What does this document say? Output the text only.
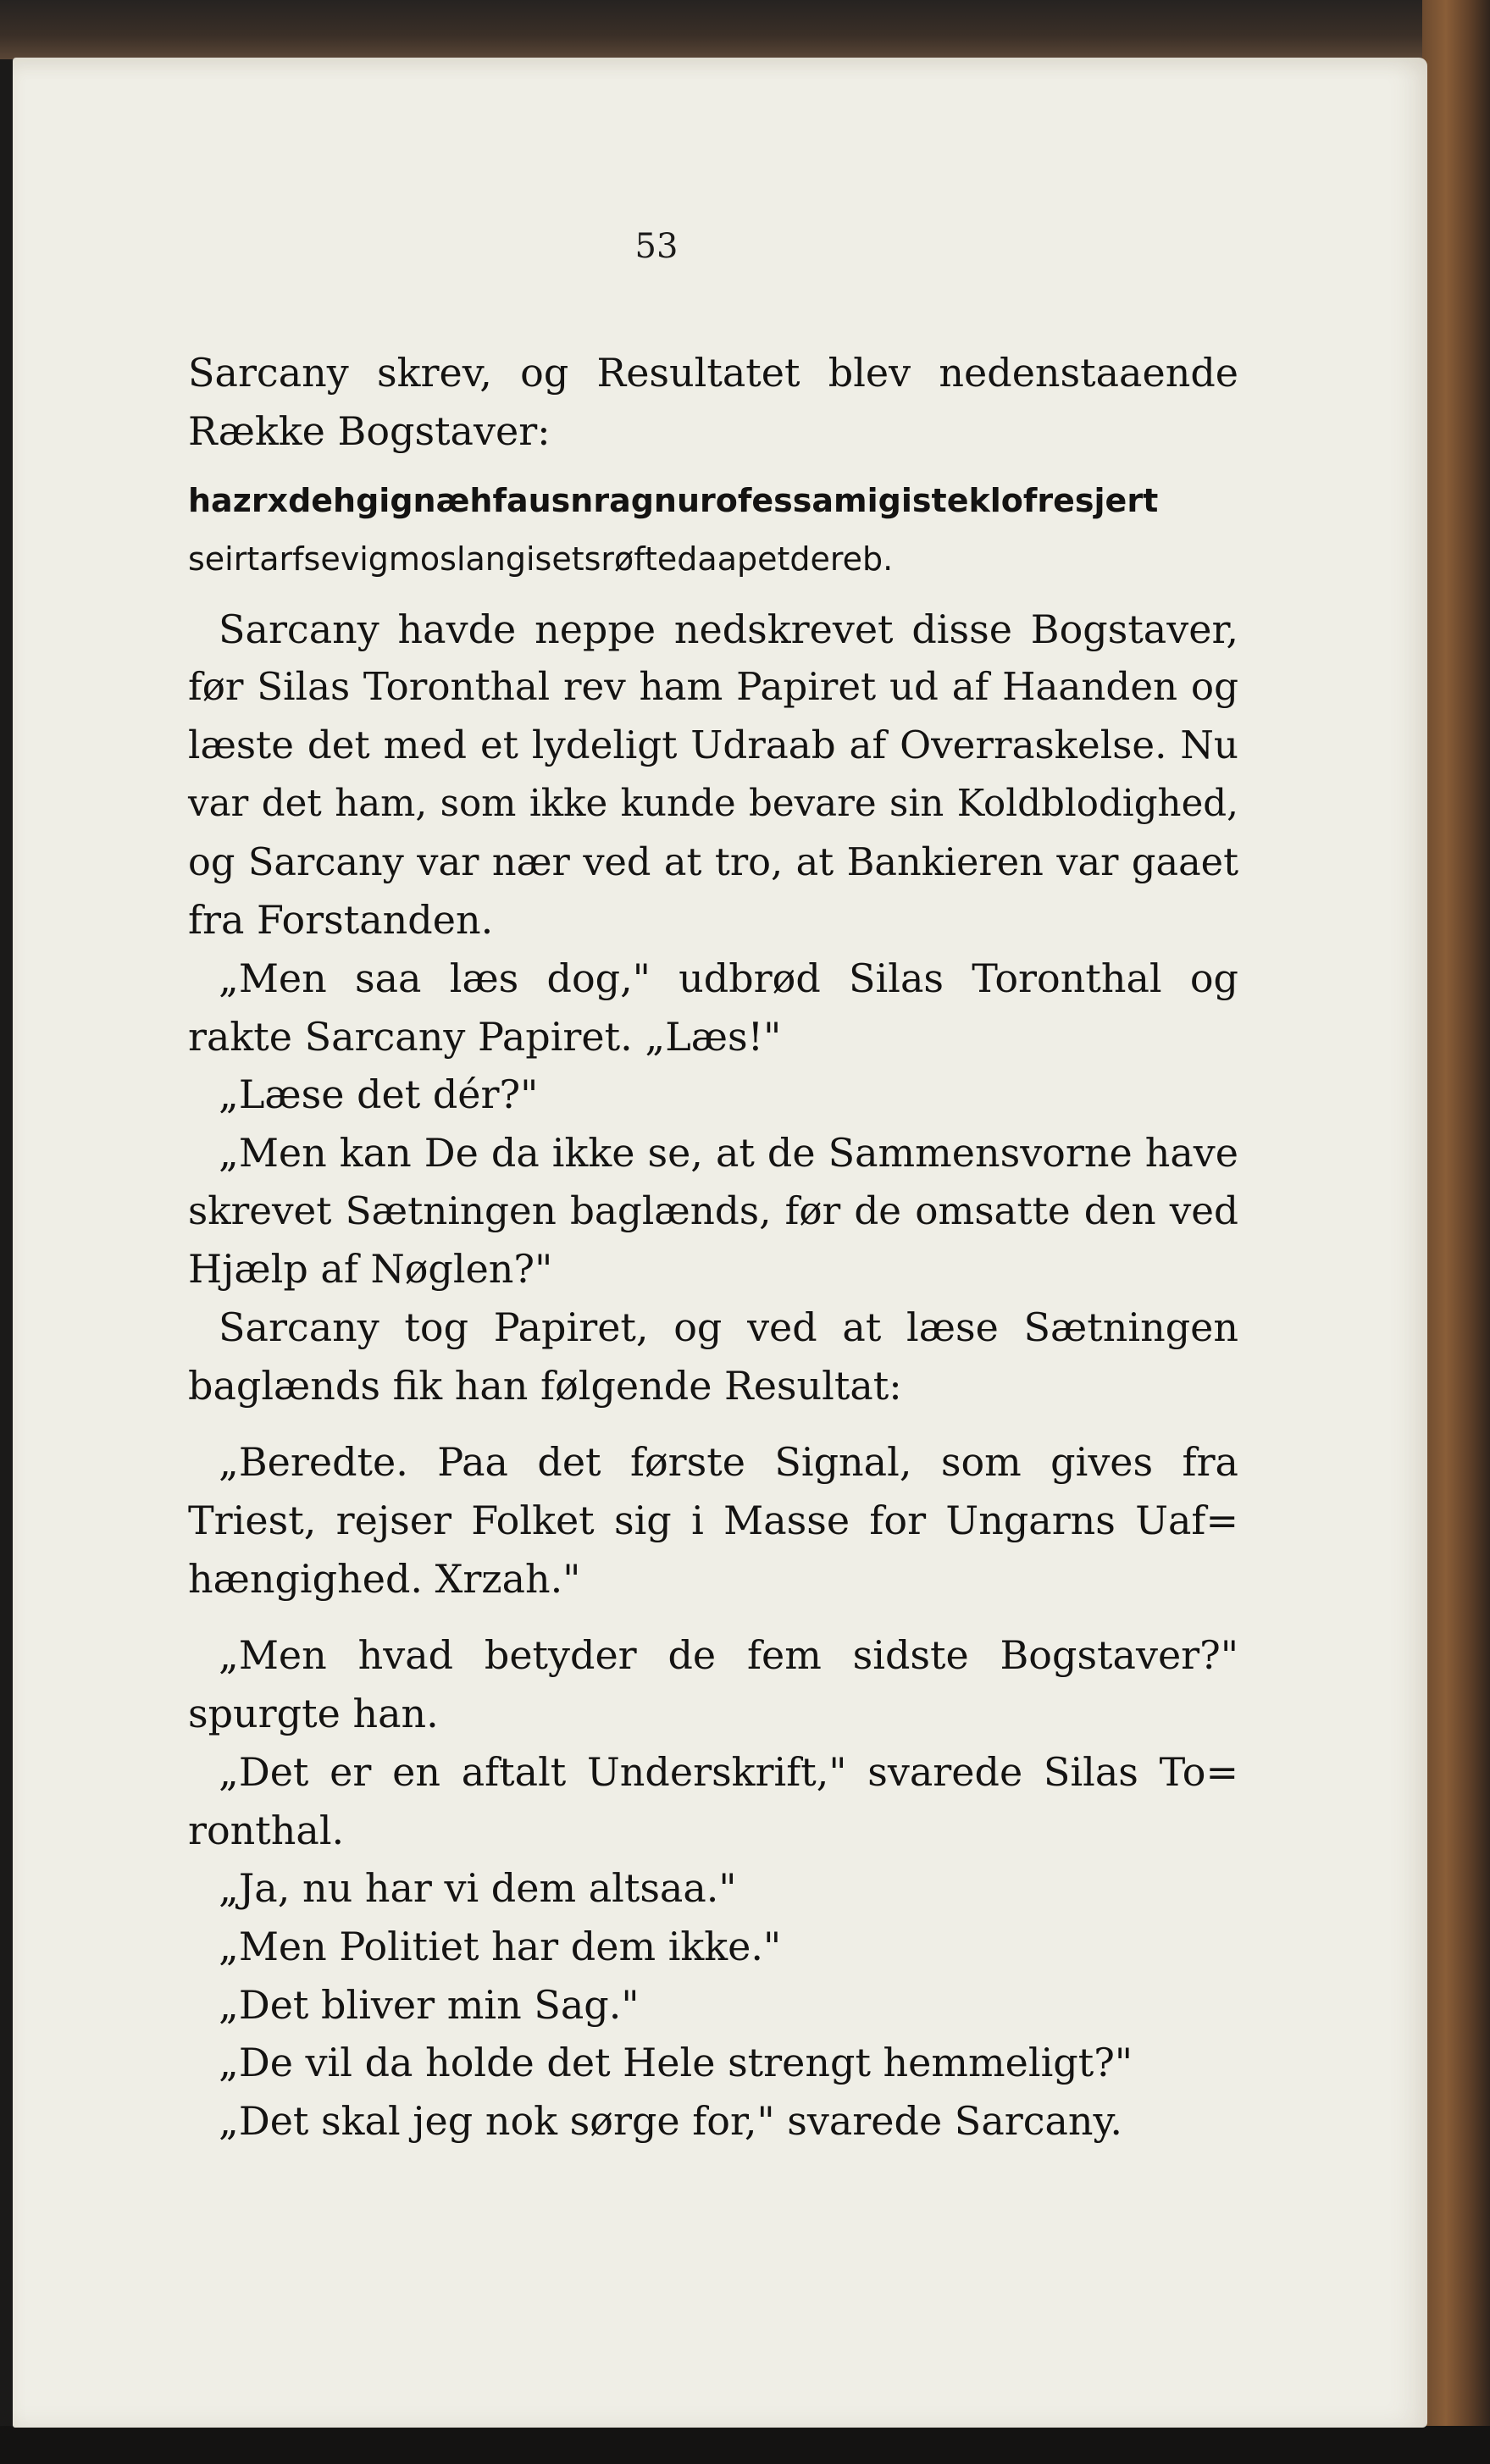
53
Sarcany skrev, og Resultatet blev nedenstaaende
Række Bogstaver:
hazrxdehgignæhfausnragnurofessamigisteklofresjert
seirtarfsevigmoslangisetsrøftedaapetdereb.
Sarcany havde neppe nedskrevet disse Bogstaver,
før Silas Toronthal rev ham Papiret ud af Haanden og
læste det med et lydeligt Udraab af Overraskelse. Nu
var det ham, som ikke kunde bevare sin Koldblodighed,
og Sarcany var nær ved at tro, at Bankieren var gaaet
fra Forstanden.
„Men saa læs dog," udbrød Silas Toronthal og
rakte Sarcany Papiret. „Læs!"
„Læse det dér?"
„Men kan De da ikke se, at de Sammensvorne have
skrevet Sætningen baglænds, før de omsatte den ved
Hjælp af Nøglen?"
Sarcany tog Papiret, og ved at læse Sætningen
baglænds fik han følgende Resultat:
„Beredte. Paa det første Signal, som gives fra
Triest, rejser Folket sig i Masse for Ungarns Uaf=
hængighed. Xrzah."
„Men hvad betyder de fem sidste Bogstaver?"
spurgte han.
„Det er en aftalt Underskrift," svarede Silas To=
ronthal.
„Ja, nu har vi dem altsaa."
„Men Politiet har dem ikke."
„Det bliver min Sag."
„De vil da holde det Hele strengt hemmeligt?"
„Det skal jeg nok sørge for," svarede Sarcany.
